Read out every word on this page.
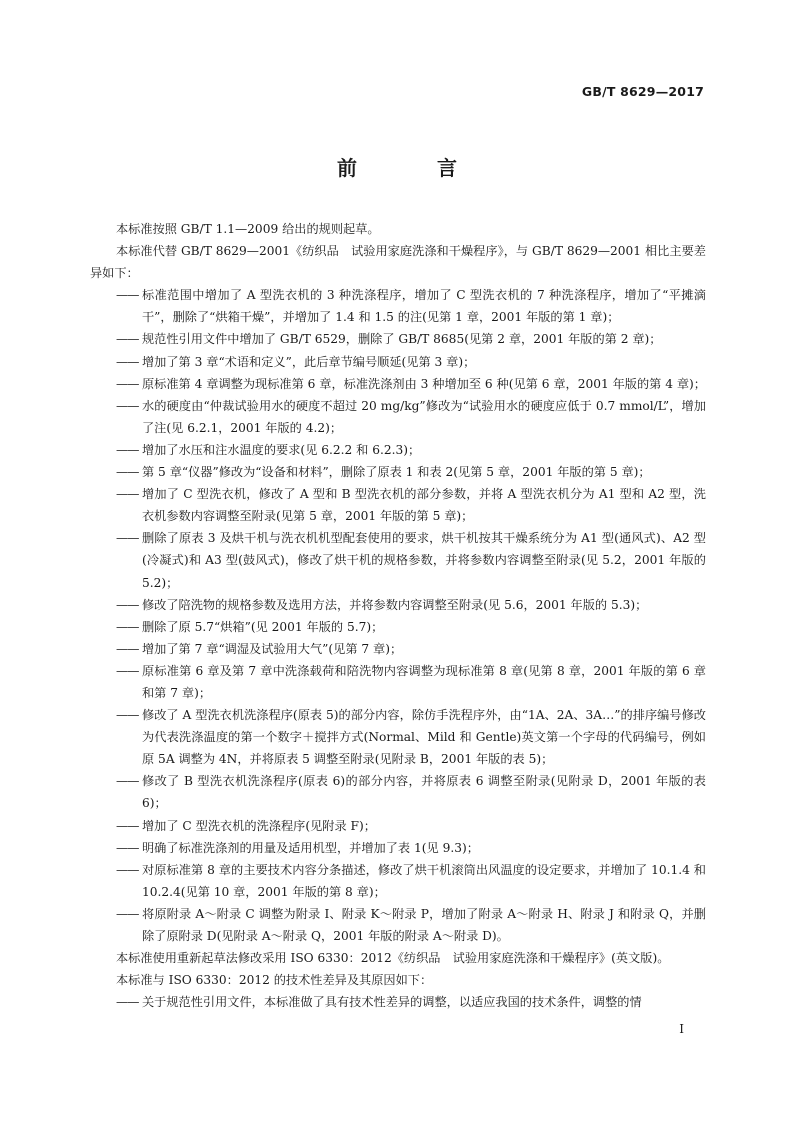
GB/T 8629—2017
前　言

本标准按照 GB/T 1.1—2009 给出的规则起草。

本标准代替 GB/T 8629—2001《纺织品　试验用家庭洗涤和干燥程序》，与 GB/T 8629—2001 相比主要差异如下：

—— 标准范围中增加了 A 型洗衣机的 3 种洗涤程序，增加了 C 型洗衣机的 7 种洗涤程序，增加了“平摊滴干”，删除了“烘箱干燥”，并增加了 1.4 和 1.5 的注(见第 1 章，2001 年版的第 1 章)；
—— 规范性引用文件中增加了 GB/T 6529，删除了 GB/T 8685(见第 2 章，2001 年版的第 2 章)；
—— 增加了第 3 章“术语和定义”，此后章节编号顺延(见第 3 章)；
—— 原标准第 4 章调整为现标准第 6 章，标准洗涤剂由 3 种增加至 6 种(见第 6 章，2001 年版的第 4 章)；
—— 水的硬度由“仲裁试验用水的硬度不超过 20 mg/kg”修改为“试验用水的硬度应低于 0.7 mmol/L”，增加了注(见 6.2.1，2001 年版的 4.2)；
—— 增加了水压和注水温度的要求(见 6.2.2 和 6.2.3)；
—— 第 5 章“仪器”修改为“设备和材料”，删除了原表 1 和表 2(见第 5 章，2001 年版的第 5 章)；
—— 增加了 C 型洗衣机，修改了 A 型和 B 型洗衣机的部分参数，并将 A 型洗衣机分为 A1 型和 A2 型，洗衣机参数内容调整至附录(见第 5 章，2001 年版的第 5 章)；
—— 删除了原表 3 及烘干机与洗衣机机型配套使用的要求，烘干机按其干燥系统分为 A1 型(通风式)、A2 型(冷凝式)和 A3 型(鼓风式)，修改了烘干机的规格参数，并将参数内容调整至附录(见 5.2，2001 年版的 5.2)；
—— 修改了陪洗物的规格参数及选用方法，并将参数内容调整至附录(见 5.6，2001 年版的 5.3)；
—— 删除了原 5.7“烘箱”(见 2001 年版的 5.7)；
—— 增加了第 7 章“调湿及试验用大气”(见第 7 章)；
—— 原标准第 6 章及第 7 章中洗涤载荷和陪洗物内容调整为现标准第 8 章(见第 8 章，2001 年版的第 6 章和第 7 章)；
—— 修改了 A 型洗衣机洗涤程序(原表 5)的部分内容，除仿手洗程序外，由“1A、2A、3A…”的排序编号修改为代表洗涤温度的第一个数字＋搅拌方式(Normal、Mild 和 Gentle)英文第一个字母的代码编号，例如原 5A 调整为 4N，并将原表 5 调整至附录(见附录 B，2001 年版的表 5)；
—— 修改了 B 型洗衣机洗涤程序(原表 6)的部分内容，并将原表 6 调整至附录(见附录 D，2001 年版的表 6)；
—— 增加了 C 型洗衣机的洗涤程序(见附录 F)；
—— 明确了标准洗涤剂的用量及适用机型，并增加了表 1(见 9.3)；
—— 对原标准第 8 章的主要技术内容分条描述，修改了烘干机滚筒出风温度的设定要求，并增加了 10.1.4 和 10.2.4(见第 10 章，2001 年版的第 8 章)；
—— 将原附录 A～附录 C 调整为附录 I、附录 K～附录 P，增加了附录 A～附录 H、附录 J 和附录 Q，并删除了原附录 D(见附录 A～附录 Q，2001 年版的附录 A～附录 D)。

本标准使用重新起草法修改采用 ISO 6330：2012《纺织品　试验用家庭洗涤和干燥程序》(英文版)。

本标准与 ISO 6330：2012 的技术性差异及其原因如下：

—— 关于规范性引用文件，本标准做了具有技术性差异的调整，以适应我国的技术条件，调整的情
I
